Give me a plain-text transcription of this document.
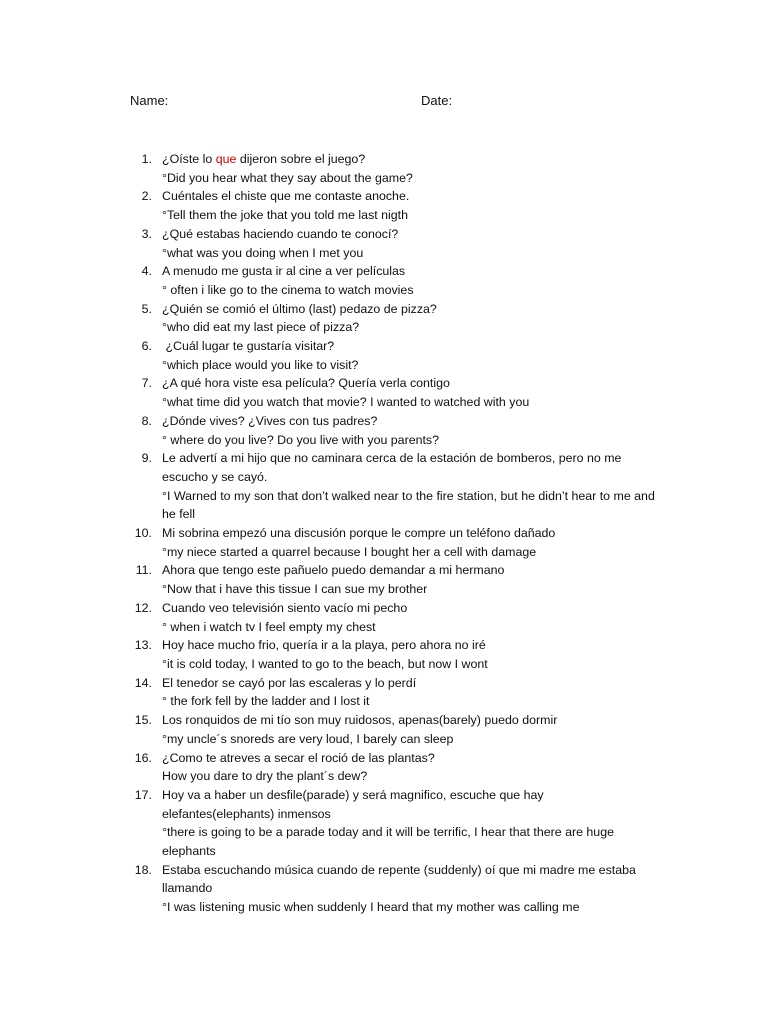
Name:	Date:
1. ¿Oíste lo que dijeron sobre el juego?
°Did you hear what they say about the game?
2. Cuéntales el chiste que me contaste anoche.
°Tell them the joke that you told me last nigth
3. ¿Qué estabas haciendo cuando te conocí?
°what was you doing when I met you
4. A menudo me gusta ir al cine a ver películas
° often i like go to the cinema to watch movies
5. ¿Quién se comió el último (last) pedazo de pizza?
°who did eat my last piece of pizza?
6. ¿Cuál lugar te gustaría visitar?
°which place would you like to visit?
7. ¿A qué hora viste esa película? Quería verla contigo
°what time did you watch that movie? I wanted to watched with you
8. ¿Dónde vives? ¿Vives con tus padres?
° where do you live? Do you live with you parents?
9. Le advertí a mi hijo que no caminara cerca de la estación de bomberos, pero no me escucho y se cayó.
°I Warned to my son that don’t walked near to the fire station, but he didn’t hear to me and he fell
10. Mi sobrina empezó una discusión porque le compre un teléfono dañado
°my niece started a quarrel because I bought her a cell with damage
11. Ahora que tengo este pañuelo puedo demandar a mi hermano
°Now that i have this tissue I can sue my brother
12. Cuando veo televisión siento vacío mi pecho
° when i watch tv I feel empty my chest
13. Hoy hace mucho frio, quería ir a la playa, pero ahora no iré
°it is cold today, I wanted to go to the beach, but now I wont
14. El tenedor se cayó por las escaleras y lo perdí
° the fork fell by the ladder and I lost it
15. Los ronquidos de mi tío son muy ruidosos, apenas(barely) puedo dormir
°my uncle´s snoreds are very loud, I barely can sleep
16. ¿Como te atreves a secar el roció de las plantas?
How you dare to dry the plant´s dew?
17. Hoy va a haber un desfile(parade) y será magnifico, escuche que hay elefantes(elephants) inmensos
°there is going to be a parade today and it will be terrific, I hear that there are huge elephants
18. Estaba escuchando música cuando de repente (suddenly) oí que mi madre me estaba llamando
°I was listening music when suddenly I heard that my mother was calling me
